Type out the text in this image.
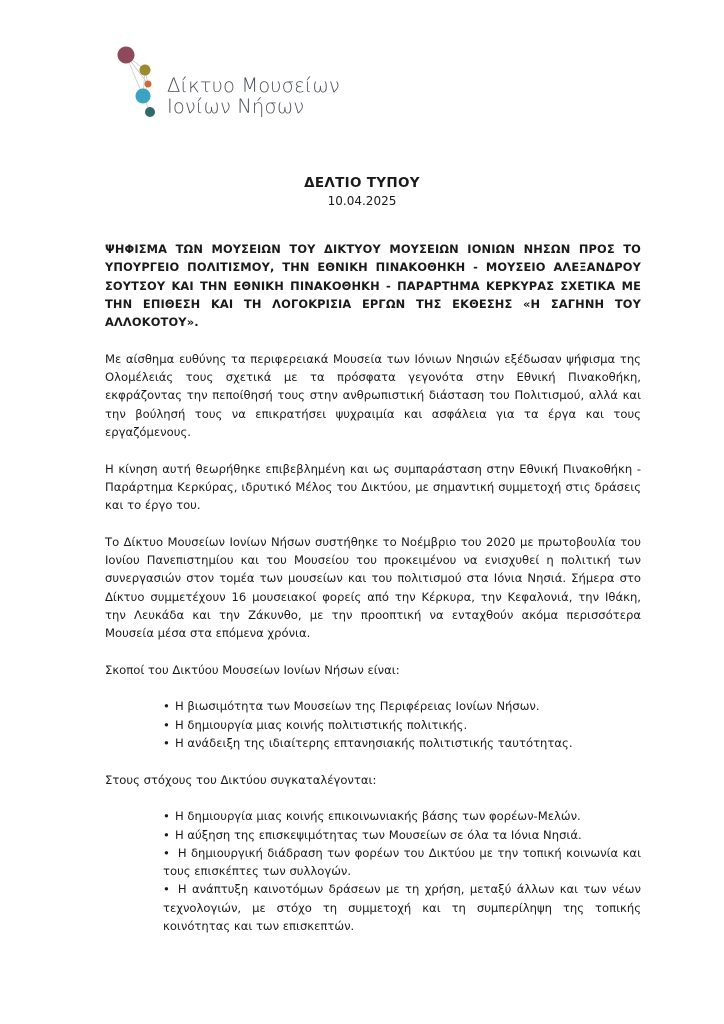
Δίκτυο Μουσείων
Ιονίων Νήσων
ΔΕΛΤΙΟ ΤΥΠΟΥ
10.04.2025

ΨΗΦΙΣΜΑ ΤΩΝ ΜΟΥΣΕΙΩΝ ΤΟΥ ΔΙΚΤΥΟΥ ΜΟΥΣΕΙΩΝ ΙΟΝΙΩΝ ΝΗΣΩΝ ΠΡΟΣ ΤΟ ΥΠΟΥΡΓΕΙΟ ΠΟΛΙΤΙΣΜΟΥ, ΤΗΝ ΕΘΝΙΚΗ ΠΙΝΑΚΟΘΗΚΗ - ΜΟΥΣΕΙΟ ΑΛΕΞΑΝΔΡΟΥ ΣΟΥΤΣΟΥ ΚΑΙ ΤΗΝ ΕΘΝΙΚΗ ΠΙΝΑΚΟΘΗΚΗ - ΠΑΡΑΡΤΗΜΑ ΚΕΡΚΥΡΑΣ ΣΧΕΤΙΚΑ ΜΕ ΤΗΝ ΕΠΙΘΕΣΗ ΚΑΙ ΤΗ ΛΟΓΟΚΡΙΣΙΑ ΕΡΓΩΝ ΤΗΣ ΕΚΘΕΣΗΣ «Η ΣΑΓΗΝΗ ΤΟΥ ΑΛΛΟΚΟΤΟΥ».

Με αίσθημα ευθύνης τα περιφερειακά Μουσεία των Ιόνιων Νησιών εξέδωσαν ψήφισμα της Ολομέλειάς τους σχετικά με τα πρόσφατα γεγονότα στην Εθνική Πινακοθήκη, εκφράζοντας την πεποίθησή τους στην ανθρωπιστική διάσταση του Πολιτισμού, αλλά και την βούλησή τους να επικρατήσει ψυχραιμία και ασφάλεια για τα έργα και τους εργαζόμενους.

Η κίνηση αυτή θεωρήθηκε επιβεβλημένη και ως συμπαράσταση στην Εθνική Πινακοθήκη - Παράρτημα Κερκύρας, ιδρυτικό Μέλος του Δικτύου, με σημαντική συμμετοχή στις δράσεις και το έργο του.

Το Δίκτυο Μουσείων Ιονίων Νήσων συστήθηκε το Νοέμβριο του 2020 με πρωτοβουλία του Ιονίου Πανεπιστημίου και του Μουσείου του προκειμένου να ενισχυθεί η πολιτική των συνεργασιών στον τομέα των μουσείων και του πολιτισμού στα Ιόνια Νησιά. Σήμερα στο Δίκτυο συμμετέχουν 16 μουσειακοί φορείς από την Κέρκυρα, την Κεφαλονιά, την Ιθάκη, την Λευκάδα και την Ζάκυνθο, με την προοπτική να ενταχθούν ακόμα περισσότερα Μουσεία μέσα στα επόμενα χρόνια.

Σκοποί του Δικτύου Μουσείων Ιονίων Νήσων είναι:

• Η βιωσιμότητα των Μουσείων της Περιφέρειας Ιονίων Νήσων.
• Η δημιουργία μιας κοινής πολιτιστικής πολιτικής.
• Η ανάδειξη της ιδιαίτερης επτανησιακής πολιτιστικής ταυτότητας.

Στους στόχους του Δικτύου συγκαταλέγονται:

• Η δημιουργία μιας κοινής επικοινωνιακής βάσης των φορέων-Μελών.
• Η αύξηση της επισκεψιμότητας των Μουσείων σε όλα τα Ιόνια Νησιά.
• Η δημιουργική διάδραση των φορέων του Δικτύου με την τοπική κοινωνία και τους επισκέπτες των συλλογών.
• Η ανάπτυξη καινοτόμων δράσεων με τη χρήση, μεταξύ άλλων και των νέων τεχνολογιών, με στόχο τη συμμετοχή και τη συμπερίληψη της τοπικής κοινότητας και των επισκεπτών.
